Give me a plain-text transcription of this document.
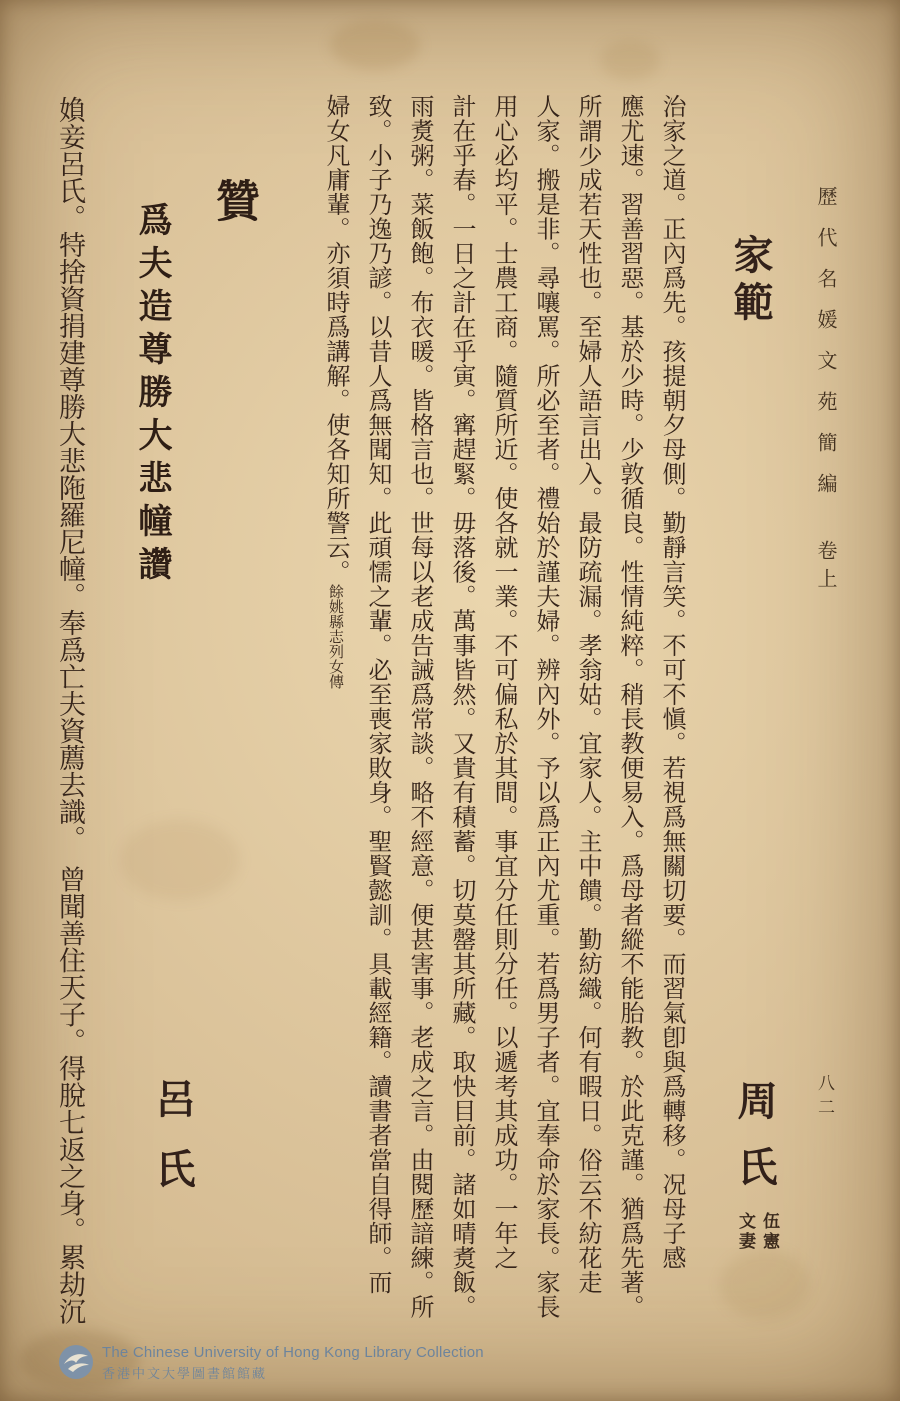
歷代名媛文苑簡編
卷上
八二
家範
周氏
伍憲
文妻
治家之道。正內爲先。孩提朝夕母側。勤靜言笑。不可不愼。若視爲無關切要。而習氣卽與爲轉移。况母子感
應尤速。習善習惡。基於少時。少敦循良。性情純粹。稍長教便易入。爲母者縱不能胎教。於此克謹。猶爲先著。
所謂少成若天性也。至婦人語言出入。最防疏漏。孝翁姑。宜家人。主中饋。勤紡織。何有暇日。俗云不紡花走
人家。搬是非。尋嚷罵。所必至者。禮始於謹夫婦。辨內外。予以爲正內尤重。若爲男子者。宜奉命於家長。家長
用心必均平。士農工商。隨質所近。使各就一業。不可偏私於其間。事宜分任則分任。以遞考其成功。一年之
計在乎春。一日之計在乎寅。寗趕緊。毋落後。萬事皆然。又貴有積蓄。切莫罄其所藏。取快目前。諸如晴煑飯。
雨煑粥。菜飯飽。布衣暖。皆格言也。世每以老成告誡爲常談。略不經意。便甚害事。老成之言。由閱歷諳練。所
致。小子乃逸乃諺。以昔人爲無聞知。此頑懦之輩。必至喪家敗身。聖賢懿訓。具載經籍。讀書者當自得師。而
婦女凡庸輩。亦須時爲講解。使各知所警云。餘姚縣志列女傳
贊
爲夫造尊勝大悲幢讚
呂氏
媍妾呂氏。特捨資捐建尊勝大悲陁羅尼幢。奉爲亡夫資薦去識。　曾聞善住天子。得脫七返之身。累劫沉
The Chinese University of Hong Kong Library Collection
香港中文大學圖書館館藏
